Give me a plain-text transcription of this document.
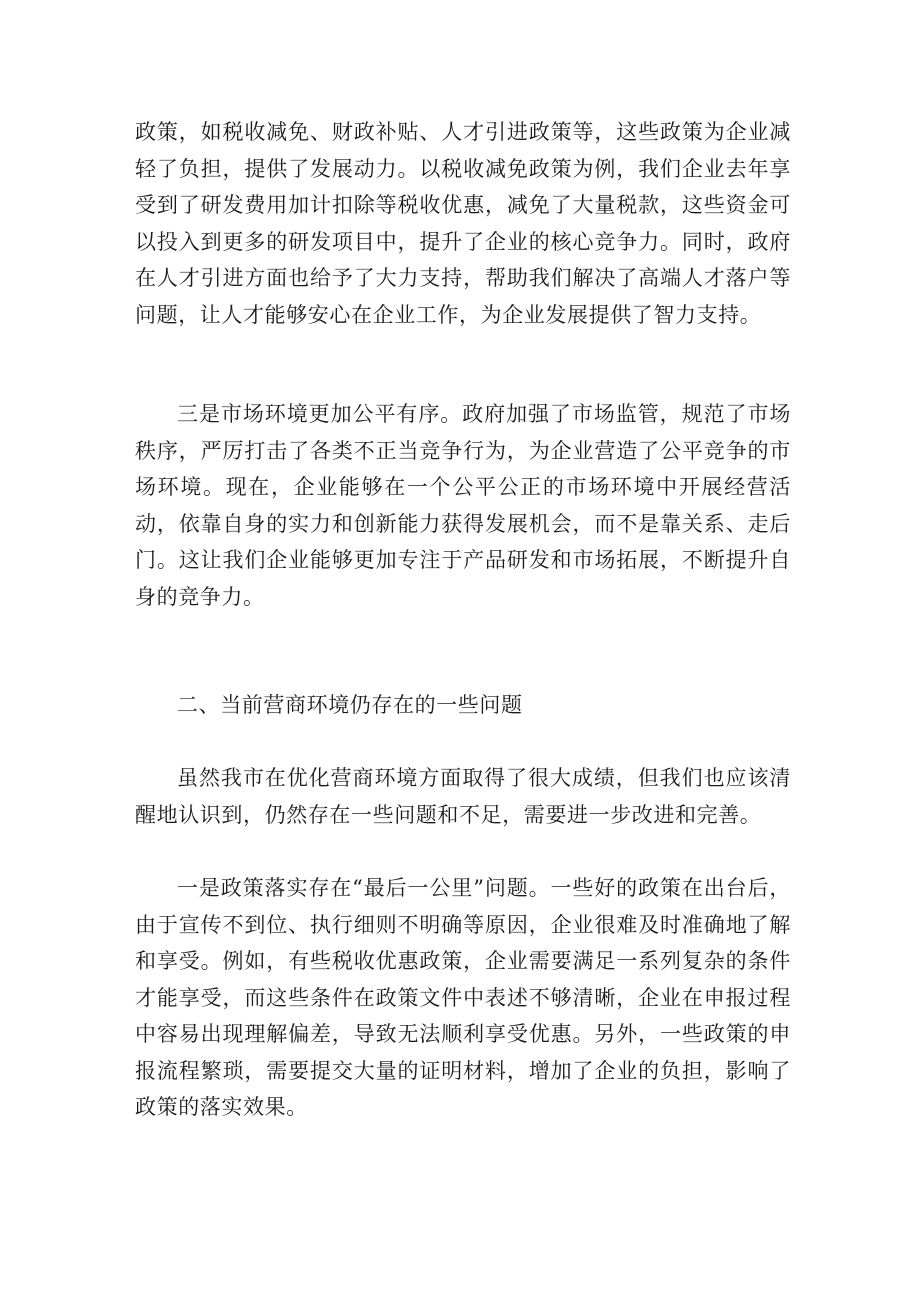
政策，如税收减免、财政补贴、人才引进政策等，这些政策为企业减轻了负担，提供了发展动力。以税收减免政策为例，我们企业去年享受到了研发费用加计扣除等税收优惠，减免了大量税款，这些资金可以投入到更多的研发项目中，提升了企业的核心竞争力。同时，政府在人才引进方面也给予了大力支持，帮助我们解决了高端人才落户等问题，让人才能够安心在企业工作，为企业发展提供了智力支持。

三是市场环境更加公平有序。政府加强了市场监管，规范了市场秩序，严厉打击了各类不正当竞争行为，为企业营造了公平竞争的市场环境。现在，企业能够在一个公平公正的市场环境中开展经营活动，依靠自身的实力和创新能力获得发展机会，而不是靠关系、走后门。这让我们企业能够更加专注于产品研发和市场拓展，不断提升自身的竞争力。

二、当前营商环境仍存在的一些问题

虽然我市在优化营商环境方面取得了很大成绩，但我们也应该清醒地认识到，仍然存在一些问题和不足，需要进一步改进和完善。

一是政策落实存在“最后一公里”问题。一些好的政策在出台后，由于宣传不到位、执行细则不明确等原因，企业很难及时准确地了解和享受。例如，有些税收优惠政策，企业需要满足一系列复杂的条件才能享受，而这些条件在政策文件中表述不够清晰，企业在申报过程中容易出现理解偏差，导致无法顺利享受优惠。另外，一些政策的申报流程繁琐，需要提交大量的证明材料，增加了企业的负担，影响了政策的落实效果。
